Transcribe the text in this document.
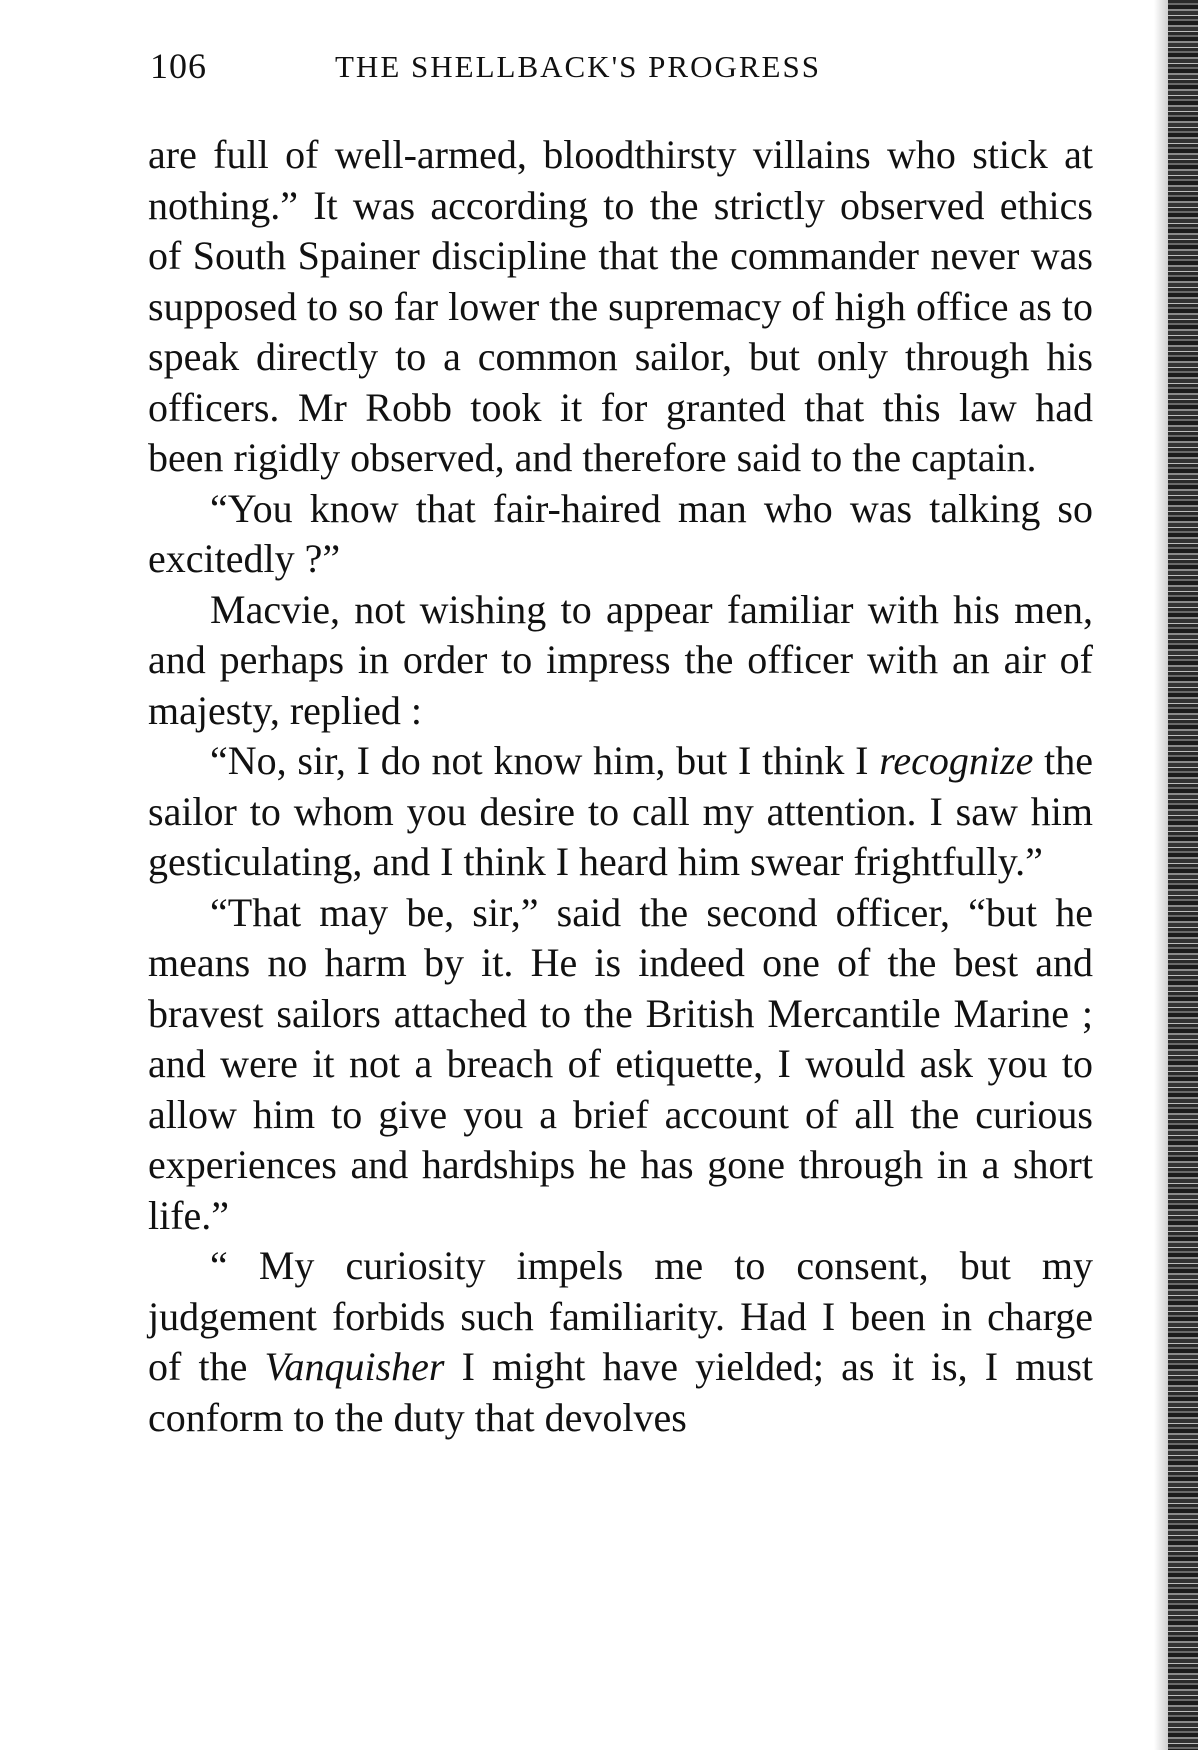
106	THE SHELLBACK'S PROGRESS

are full of well-armed, bloodthirsty villains who stick at nothing.” It was according to the strictly observed ethics of South Spainer discipline that the commander never was supposed to so far lower the supremacy of high office as to speak directly to a common sailor, but only through his officers. Mr Robb took it for granted that this law had been rigidly observed, and therefore said to the captain.

“You know that fair-haired man who was talking so excitedly ?”

Macvie, not wishing to appear familiar with his men, and perhaps in order to impress the officer with an air of majesty, replied :

“No, sir, I do not know him, but I think I recognize the sailor to whom you desire to call my attention. I saw him gesticulating, and I think I heard him swear frightfully.”

“That may be, sir,” said the second officer, “but he means no harm by it. He is indeed one of the best and bravest sailors attached to the British Mercantile Marine ; and were it not a breach of etiquette, I would ask you to allow him to give you a brief account of all the curious experiences and hardships he has gone through in a short life.”

“ My curiosity impels me to consent, but my judgement forbids such familiarity. Had I been in charge of the Vanquisher I might have yielded; as it is, I must conform to the duty that devolves
